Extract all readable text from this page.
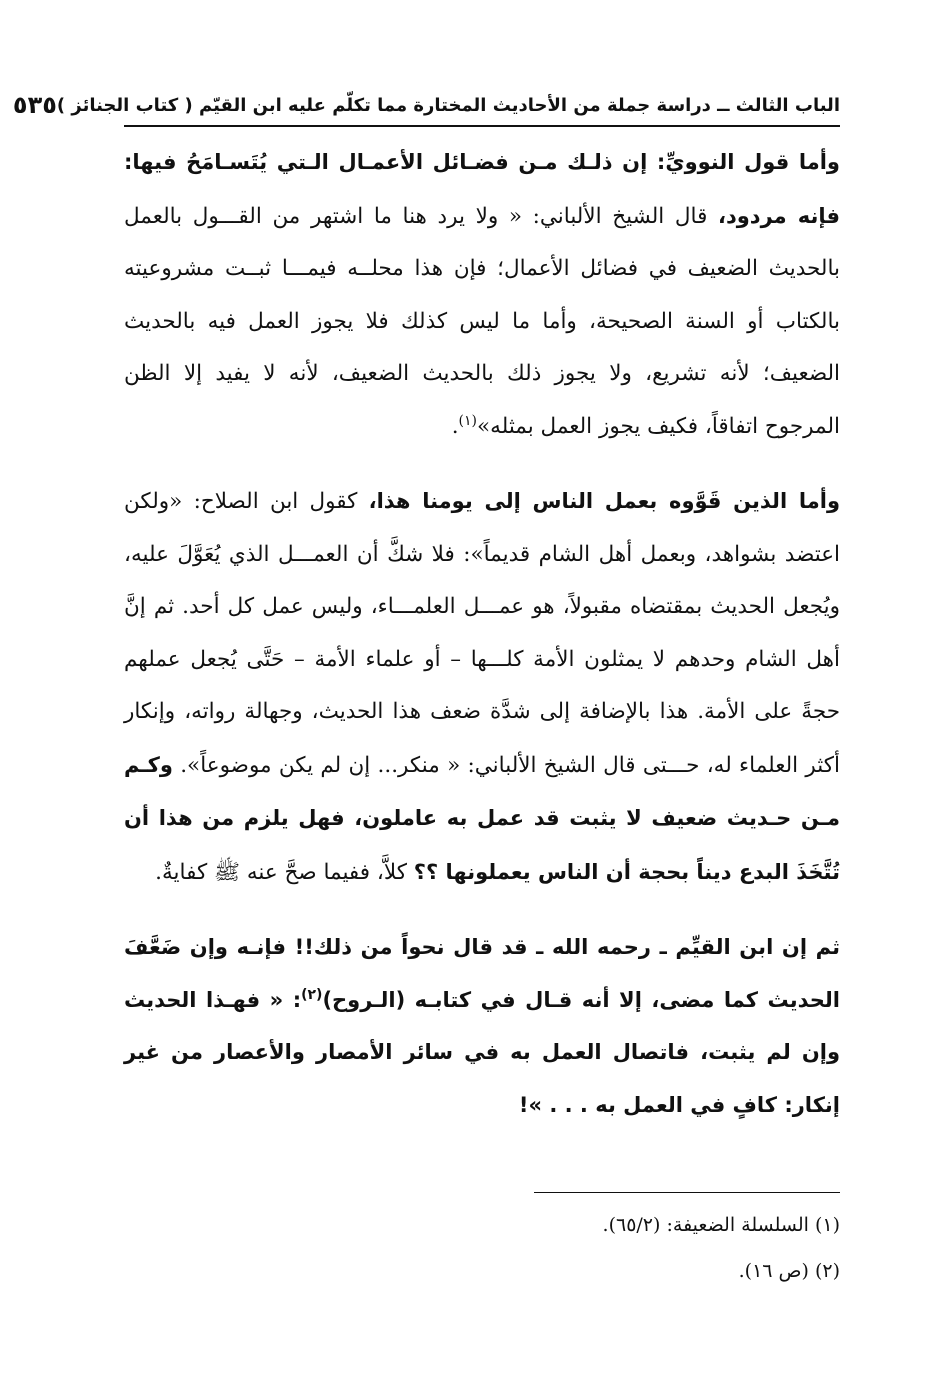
الباب الثالث ــ دراسة جملة من الأحاديث المختارة مما تكلّم عليه ابن القيّم ( كتاب الجنائز )
٥٣٥

وأما قول النوويِّ: إن ذلـك مـن فضـائل الأعمـال الـتي يُتَسـامَحُ فيها: فإنه مردود، قال الشيخ الألباني: « ولا يرد هنا ما اشتهر من القـــول بالعمل بالحديث الضعيف في فضائل الأعمال؛ فإن هذا محلــه فيمـــا ثبــت مشروعيته بالكتاب أو السنة الصحيحة، وأما ما ليس كذلك فلا يجوز العمل فيه بالحديث الضعيف؛ لأنه تشريع، ولا يجوز ذلك بالحديث الضعيف، لأنه لا يفيد إلا الظن المرجوح اتفاقاً، فكيف يجوز العمل بمثله»$^{(١)}$.

وأما الذين قَوَّوه بعمل الناس إلى يومنا هذا، كقول ابن الصلاح: «ولكن اعتضد بشواهد، وبعمل أهل الشام قديماً»: فلا شكَّ أن العمـــل الذي يُعَوَّلَ عليه، ويُجعل الحديث بمقتضاه مقبولاً، هو عمـــل العلمـــاء، وليس عمل كل أحد. ثم إنَّ أهل الشام وحدهم لا يمثلون الأمة كلـــها – أو علماء الأمة – حَتَّى يُجعل عملهم حجةً على الأمة. هذا بالإضافة إلى شدَّة ضعف هذا الحديث، وجهالة رواته، وإنكار أكثر العلماء له، حـــتى قال الشيخ الألباني: « منكر... إن لم يكن موضوعاً». وكـم مـن حـديث ضعيف لا يثبت قد عمل به عاملون، فهل يلزم من هذا أن تُتَّخَذَ البدع ديناً بحجة أن الناس يعملونها ؟؟ كلاَّ، ففيما صحَّ عنه ﷺ كفايةٌ.

ثم إن ابن القيِّم ـ رحمه الله ـ قد قال نحواً من ذلك!! فإنـه وإن ضَعَّفَ الحديث كما مضى، إلا أنه قـال في كتابـه (الـروح)$^{(٢)}$: « فهـذا الحديث وإن لم يثبت، فاتصال العمل به في سائر الأمصار والأعصار من غير إنكار: كافٍ في العمل به . . . »!

(١) السلسلة الضعيفة: (٦٥/٢).

(٢) (ص ١٦).
